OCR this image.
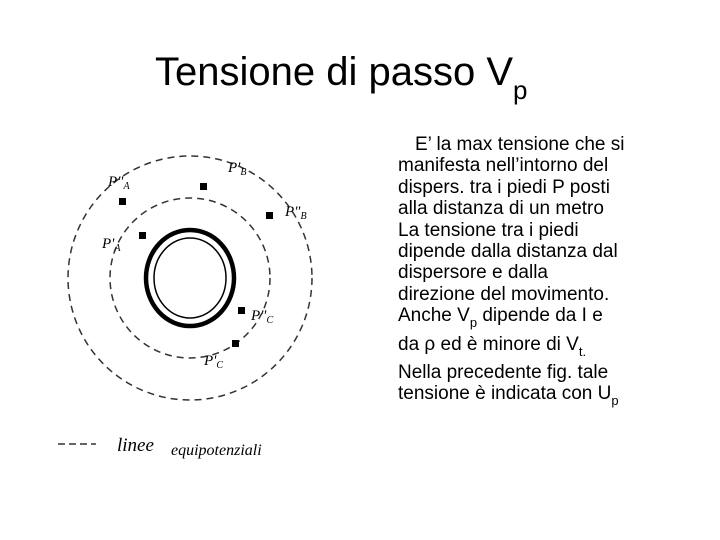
Tensione di passo $V_p$
$P"_A$
$P'_B$
$P"_B$
$P'_A$
$P"_C$
$P'_C$
linee equipotenziali
E’ la max tensione che si
manifesta nell’intorno del
dispers. tra i piedi P posti
alla distanza di un metro
La tensione tra i piedi
dipende dalla distanza dal
dispersore e dalla
direzione del movimento.
Anche $V_p$ dipende da I e
da ρ ed è minore di $V_{t.}$
Nella precedente fig. tale
tensione è indicata con $U_p$
